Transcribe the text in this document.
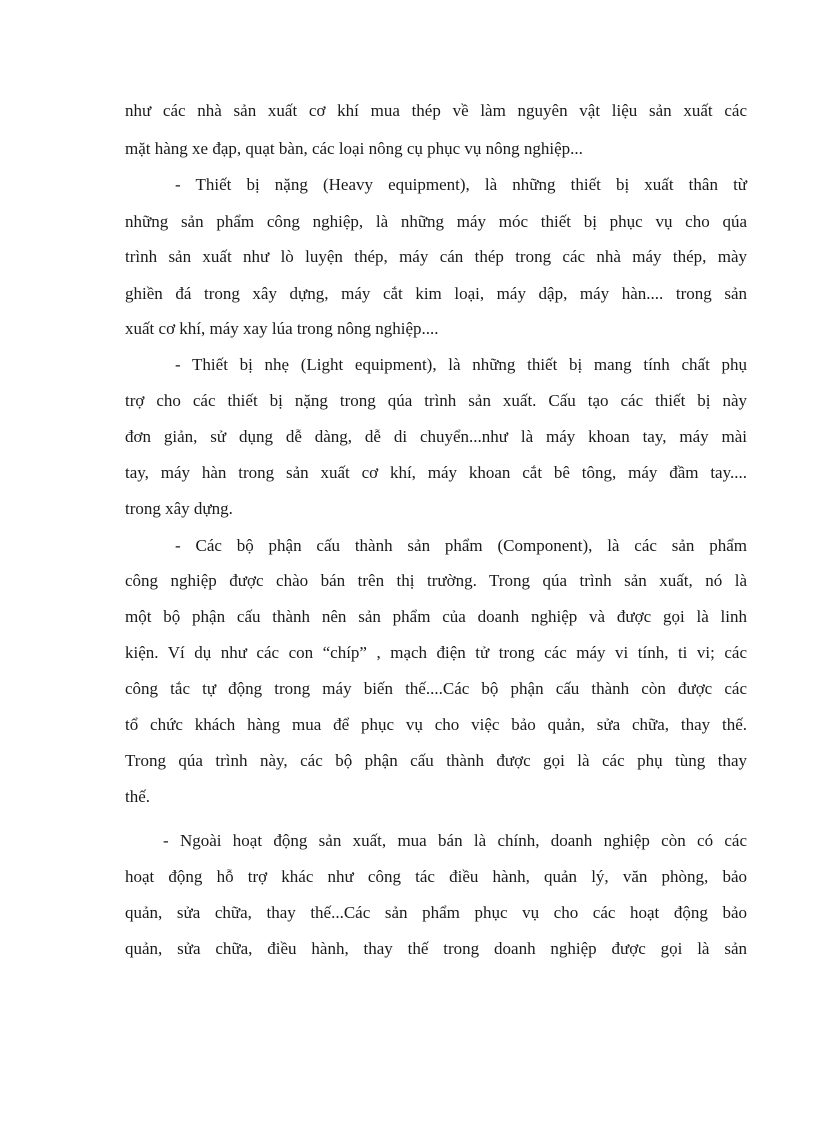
như các nhà sản xuất cơ khí mua thép về làm nguyên vật liệu sản xuất các
mặt hàng xe đạp, quạt bàn, các loại nông cụ phục vụ nông nghiệp...
- Thiết bị nặng (Heavy equipment), là những thiết bị xuất thân từ
những sản phẩm công nghiệp, là những máy móc thiết bị phục vụ cho qúa
trình sản xuất như lò luyện thép, máy cán thép trong các nhà máy thép, mày
ghiền đá trong xây dựng, máy cắt kim loại, máy dập, máy hàn.... trong sản
xuất cơ khí, máy xay lúa trong nông nghiệp....
- Thiết bị nhẹ (Light equipment), là những thiết bị mang tính chất phụ
trợ cho các thiết bị nặng trong qúa trình sản xuất. Cấu tạo các thiết bị này
đơn giản, sử dụng dễ dàng, dễ di chuyển...như là máy khoan tay, máy mài
tay, máy hàn trong sản xuất cơ khí, máy khoan cắt bê tông, máy đầm tay....
trong xây dựng.
- Các bộ phận cấu thành sản phẩm (Component), là các sản phẩm
công nghiệp được chào bán trên thị trường. Trong qúa trình sản xuất, nó là
một bộ phận cấu thành nên sản phẩm của doanh nghiệp và được gọi là linh
kiện. Ví dụ như các con “chíp” , mạch điện tử trong các máy vi tính, ti vi; các
công tắc tự động trong máy biến thế....Các bộ phận cấu thành còn được các
tổ chức khách hàng mua để phục vụ cho việc bảo quản, sửa chữa, thay thế.
Trong qúa trình này, các bộ phận cấu thành được gọi là các phụ tùng thay
thế.
- Ngoài hoạt động sản xuất, mua bán là chính, doanh nghiệp còn có các
hoạt động hỗ trợ khác như công tác điều hành, quản lý, văn phòng, bảo
quản, sửa chữa, thay thế...Các sản phẩm phục vụ cho các hoạt động bảo
quản, sửa chữa, điều hành, thay thế trong doanh nghiệp được gọi là sản
